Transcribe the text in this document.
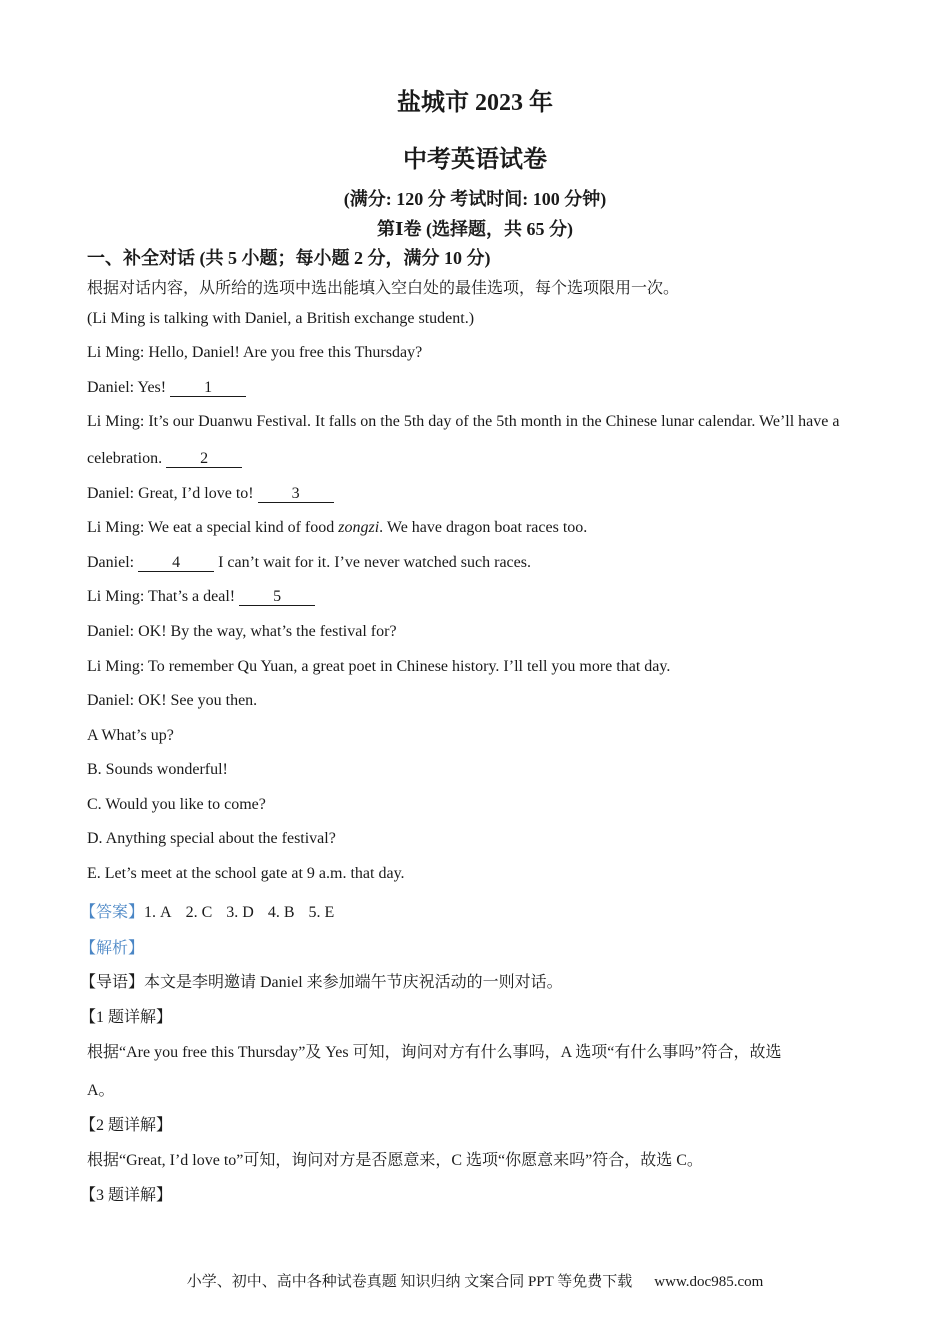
盐城市 2023 年
中考英语试卷
(满分: 120 分 考试时间: 100 分钟)
第Ⅰ卷 (选择题，共 65 分)
一、补全对话 (共 5 小题；每小题 2 分，满分 10 分)
根据对话内容，从所给的选项中选出能填入空白处的最佳选项，每个选项限用一次。
(Li Ming is talking with Daniel, a British exchange student.)
Li Ming: Hello, Daniel! Are you free this Thursday?
Daniel: Yes! 1
Li Ming: It’s our Duanwu Festival. It falls on the 5th day of the 5th month in the Chinese lunar calendar. We’ll have a
celebration. 2
Daniel: Great, I’d love to! 3
Li Ming: We eat a special kind of food zongzi. We have dragon boat races too.
Daniel: 4 I can’t wait for it. I’ve never watched such races.
Li Ming: That’s a deal! 5
Daniel: OK! By the way, what’s the festival for?
Li Ming: To remember Qu Yuan, a great poet in Chinese history. I’ll tell you more that day.
Daniel: OK! See you then.
A What’s up?
B. Sounds wonderful!
C. Would you like to come?
D. Anything special about the festival?
E. Let’s meet at the school gate at 9 a.m. that day.
【答案】1. A 2. C 3. D 4. B 5. E
【解析】
【导语】本文是李明邀请 Daniel 来参加端午节庆祝活动的一则对话。
【1 题详解】
根据“Are you free this Thursday”及 Yes 可知，询问对方有什么事吗，A 选项“有什么事吗”符合，故选
A。
【2 题详解】
根据“Great, I’d love to”可知，询问对方是否愿意来，C 选项“你愿意来吗”符合，故选 C。
【3 题详解】
小学、初中、高中各种试卷真题 知识归纳 文案合同 PPT 等免费下载 www.doc985.com
